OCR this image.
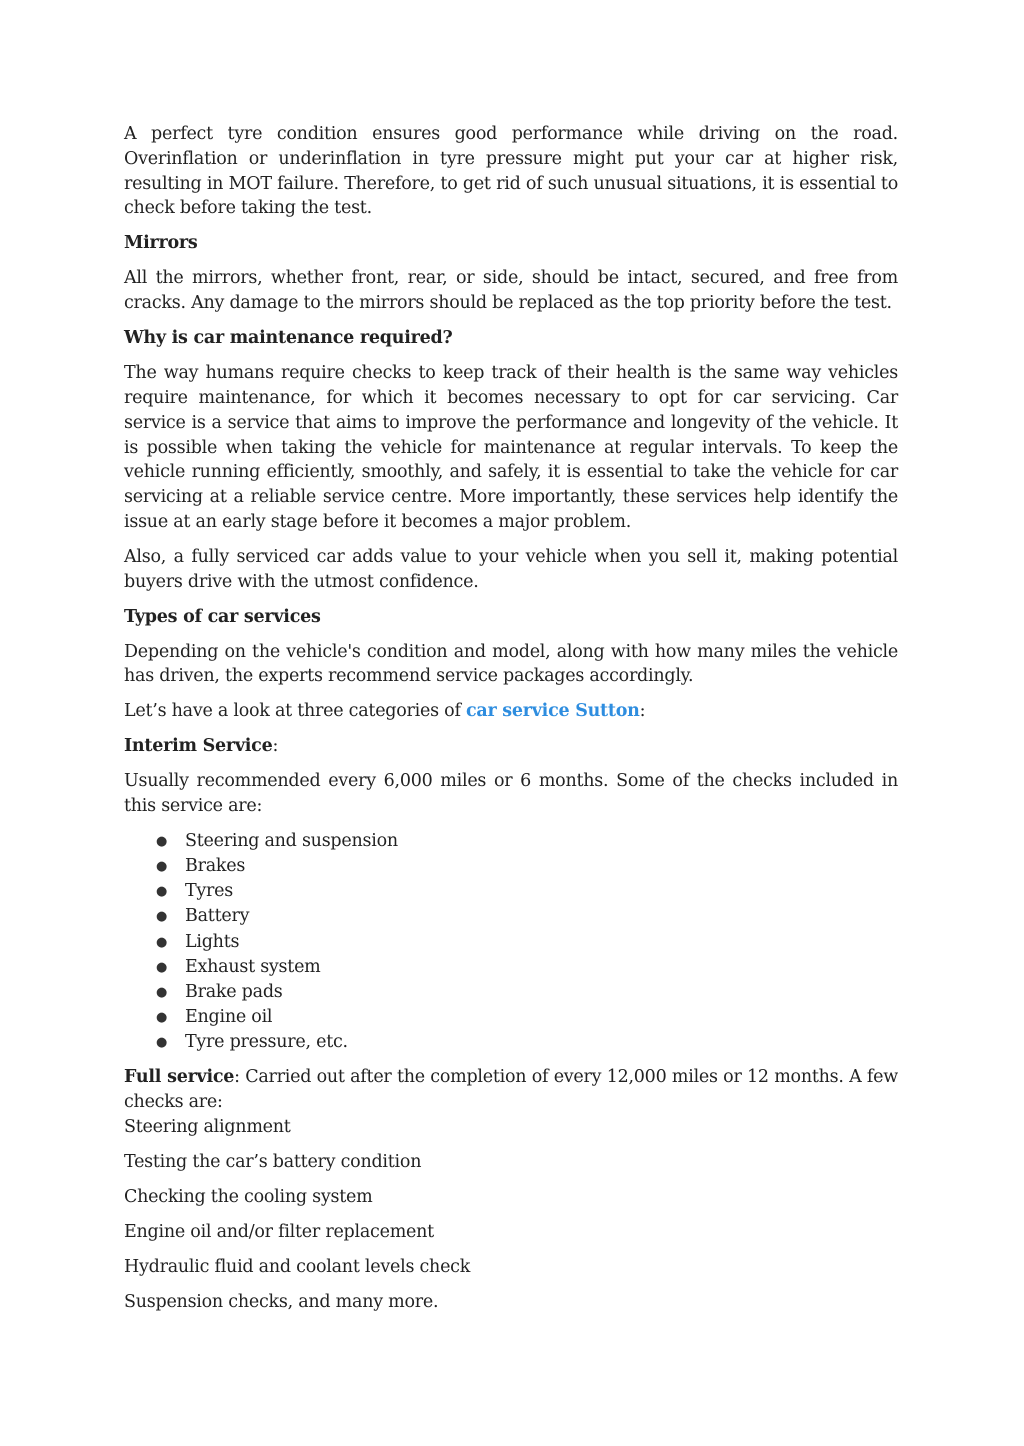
A perfect tyre condition ensures good performance while driving on the road. Overinflation or underinflation in tyre pressure might put your car at higher risk, resulting in MOT failure. Therefore, to get rid of such unusual situations, it is essential to check before taking the test.

Mirrors

All the mirrors, whether front, rear, or side, should be intact, secured, and free from cracks. Any damage to the mirrors should be replaced as the top priority before the test.

Why is car maintenance required?

The way humans require checks to keep track of their health is the same way vehicles require maintenance, for which it becomes necessary to opt for car servicing. Car service is a service that aims to improve the performance and longevity of the vehicle. It is possible when taking the vehicle for maintenance at regular intervals. To keep the vehicle running efficiently, smoothly, and safely, it is essential to take the vehicle for car servicing at a reliable service centre. More importantly, these services help identify the issue at an early stage before it becomes a major problem.

Also, a fully serviced car adds value to your vehicle when you sell it, making potential buyers drive with the utmost confidence.

Types of car services

Depending on the vehicle's condition and model, along with how many miles the vehicle has driven, the experts recommend service packages accordingly.

Let’s have a look at three categories of car service Sutton:

Interim Service:

Usually recommended every 6,000 miles or 6 months. Some of the checks included in this service are:

● Steering and suspension
● Brakes
● Tyres
● Battery
● Lights
● Exhaust system
● Brake pads
● Engine oil
● Tyre pressure, etc.

Full service: Carried out after the completion of every 12,000 miles or 12 months. A few checks are:

Steering alignment

Testing the car’s battery condition

Checking the cooling system

Engine oil and/or filter replacement

Hydraulic fluid and coolant levels check

Suspension checks, and many more.
